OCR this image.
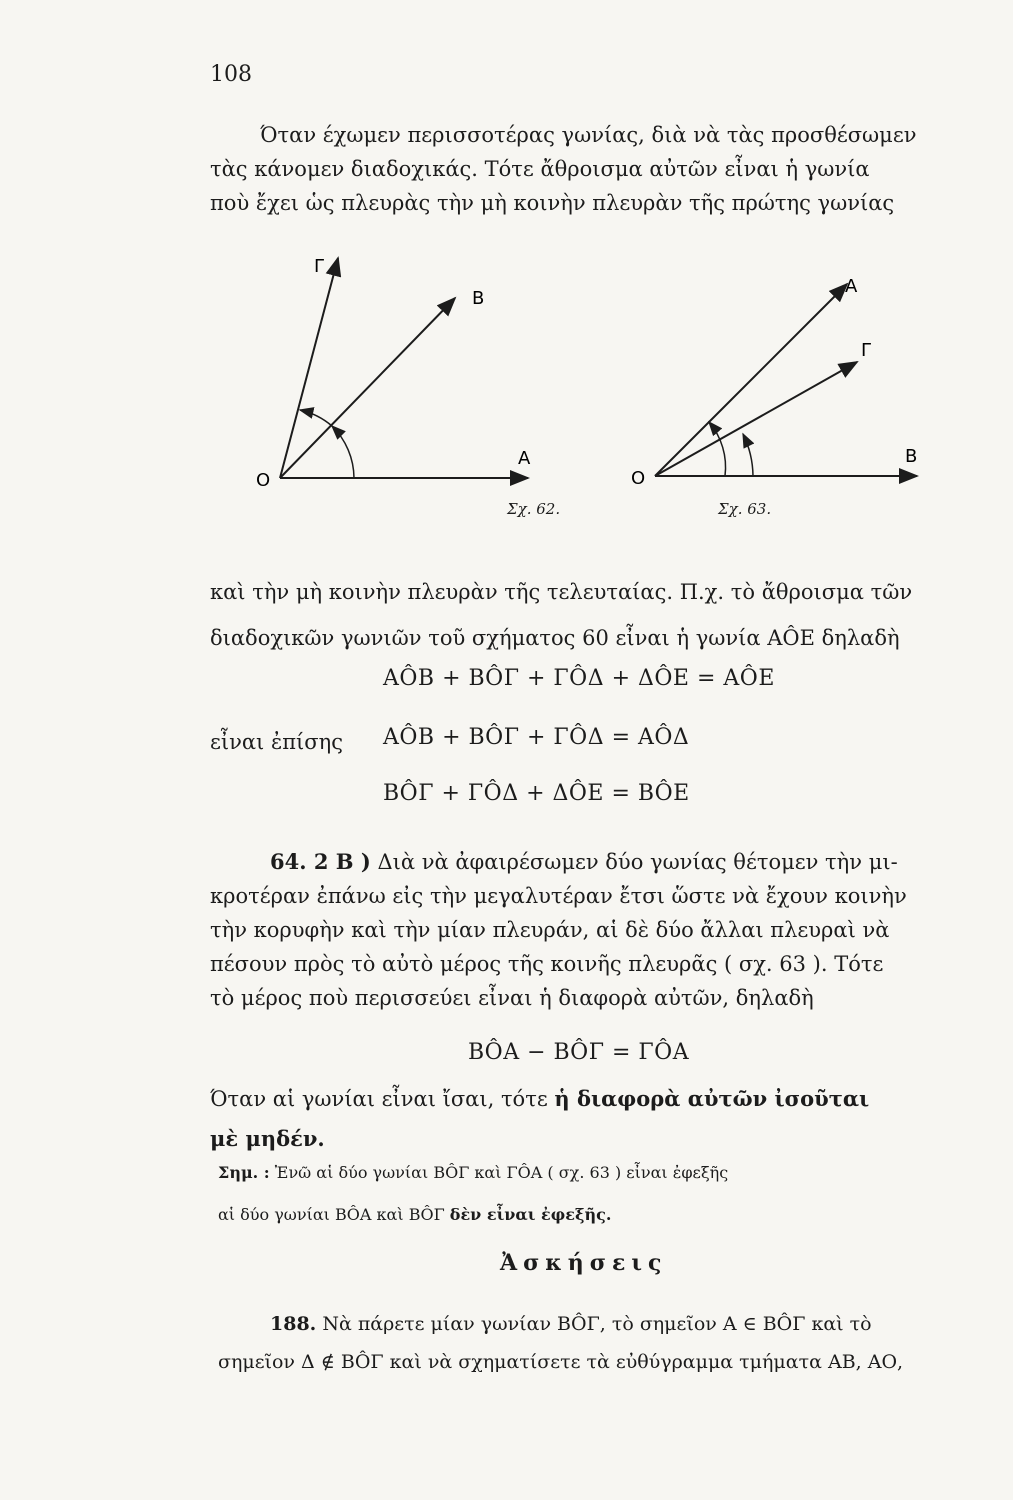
108
Όταν έχωμεν περισσοτέρας γωνίας, διὰ νὰ τὰς προσθέσωμεν
τὰς κάνομεν διαδοχικάς. Τότε ἄθροισμα αὐτῶν εἶναι ἡ γωνία
ποὺ ἔχει ὡς πλευρὰς τὴν μὴ κοινὴν πλευρὰν τῆς πρώτης γωνίας
Γ
Β
Α
Ο
Σχ. 62.
Α
Γ
Β
Ο
Σχ. 63.
καὶ τὴν μὴ κοινὴν πλευρὰν τῆς τελευταίας. Π.χ. τὸ ἄθροισμα τῶν
διαδοχικῶν γωνιῶν τοῦ σχήματος 60 εἶναι ἡ γωνία ΑÔΕ δηλαδὴ
ΑÔΒ + ΒÔΓ + ΓÔΔ + ΔÔΕ = ΑÔΕ
εἶναι ἐπίσης ΑÔΒ + ΒÔΓ + ΓÔΔ = ΑÔΔ
ΒÔΓ + ΓÔΔ + ΔÔΕ = ΒÔΕ
64. 2 Β ) Διὰ νὰ ἀφαιρέσωμεν δύο γωνίας θέτομεν τὴν μι-
κροτέραν ἐπάνω εἰς τὴν μεγαλυτέραν ἔτσι ὥστε νὰ ἔχουν κοινὴν
τὴν κορυφὴν καὶ τὴν μίαν πλευράν, αἱ δὲ δύο ἄλλαι πλευραὶ νὰ
πέσουν πρὸς τὸ αὐτὸ μέρος τῆς κοινῆς πλευρᾶς ( σχ. 63 ). Τότε
τὸ μέρος ποὺ περισσεύει εἶναι ἡ διαφορὰ αὐτῶν, δηλαδὴ
ΒÔΑ − ΒÔΓ = ΓÔΑ
Όταν αἱ γωνίαι εἶναι ἴσαι, τότε ἡ διαφορὰ αὐτῶν ἰσοῦται
μὲ μηδέν.
Σημ. : Ἐνῶ αἱ δύο γωνίαι ΒÔΓ καὶ ΓÔΑ ( σχ. 63 ) εἶναι ἐφεξῆς
αἱ δύο γωνίαι ΒÔΑ καὶ ΒÔΓ δὲν εἶναι ἐφεξῆς.
Ἀσκήσεις
188. Νὰ πάρετε μίαν γωνίαν ΒÔΓ, τὸ σημεῖον Α ∈ ΒÔΓ καὶ τὸ
σημεῖον Δ ∉ ΒÔΓ καὶ νὰ σχηματίσετε τὰ εὐθύγραμμα τμήματα ΑΒ, ΑΟ,
